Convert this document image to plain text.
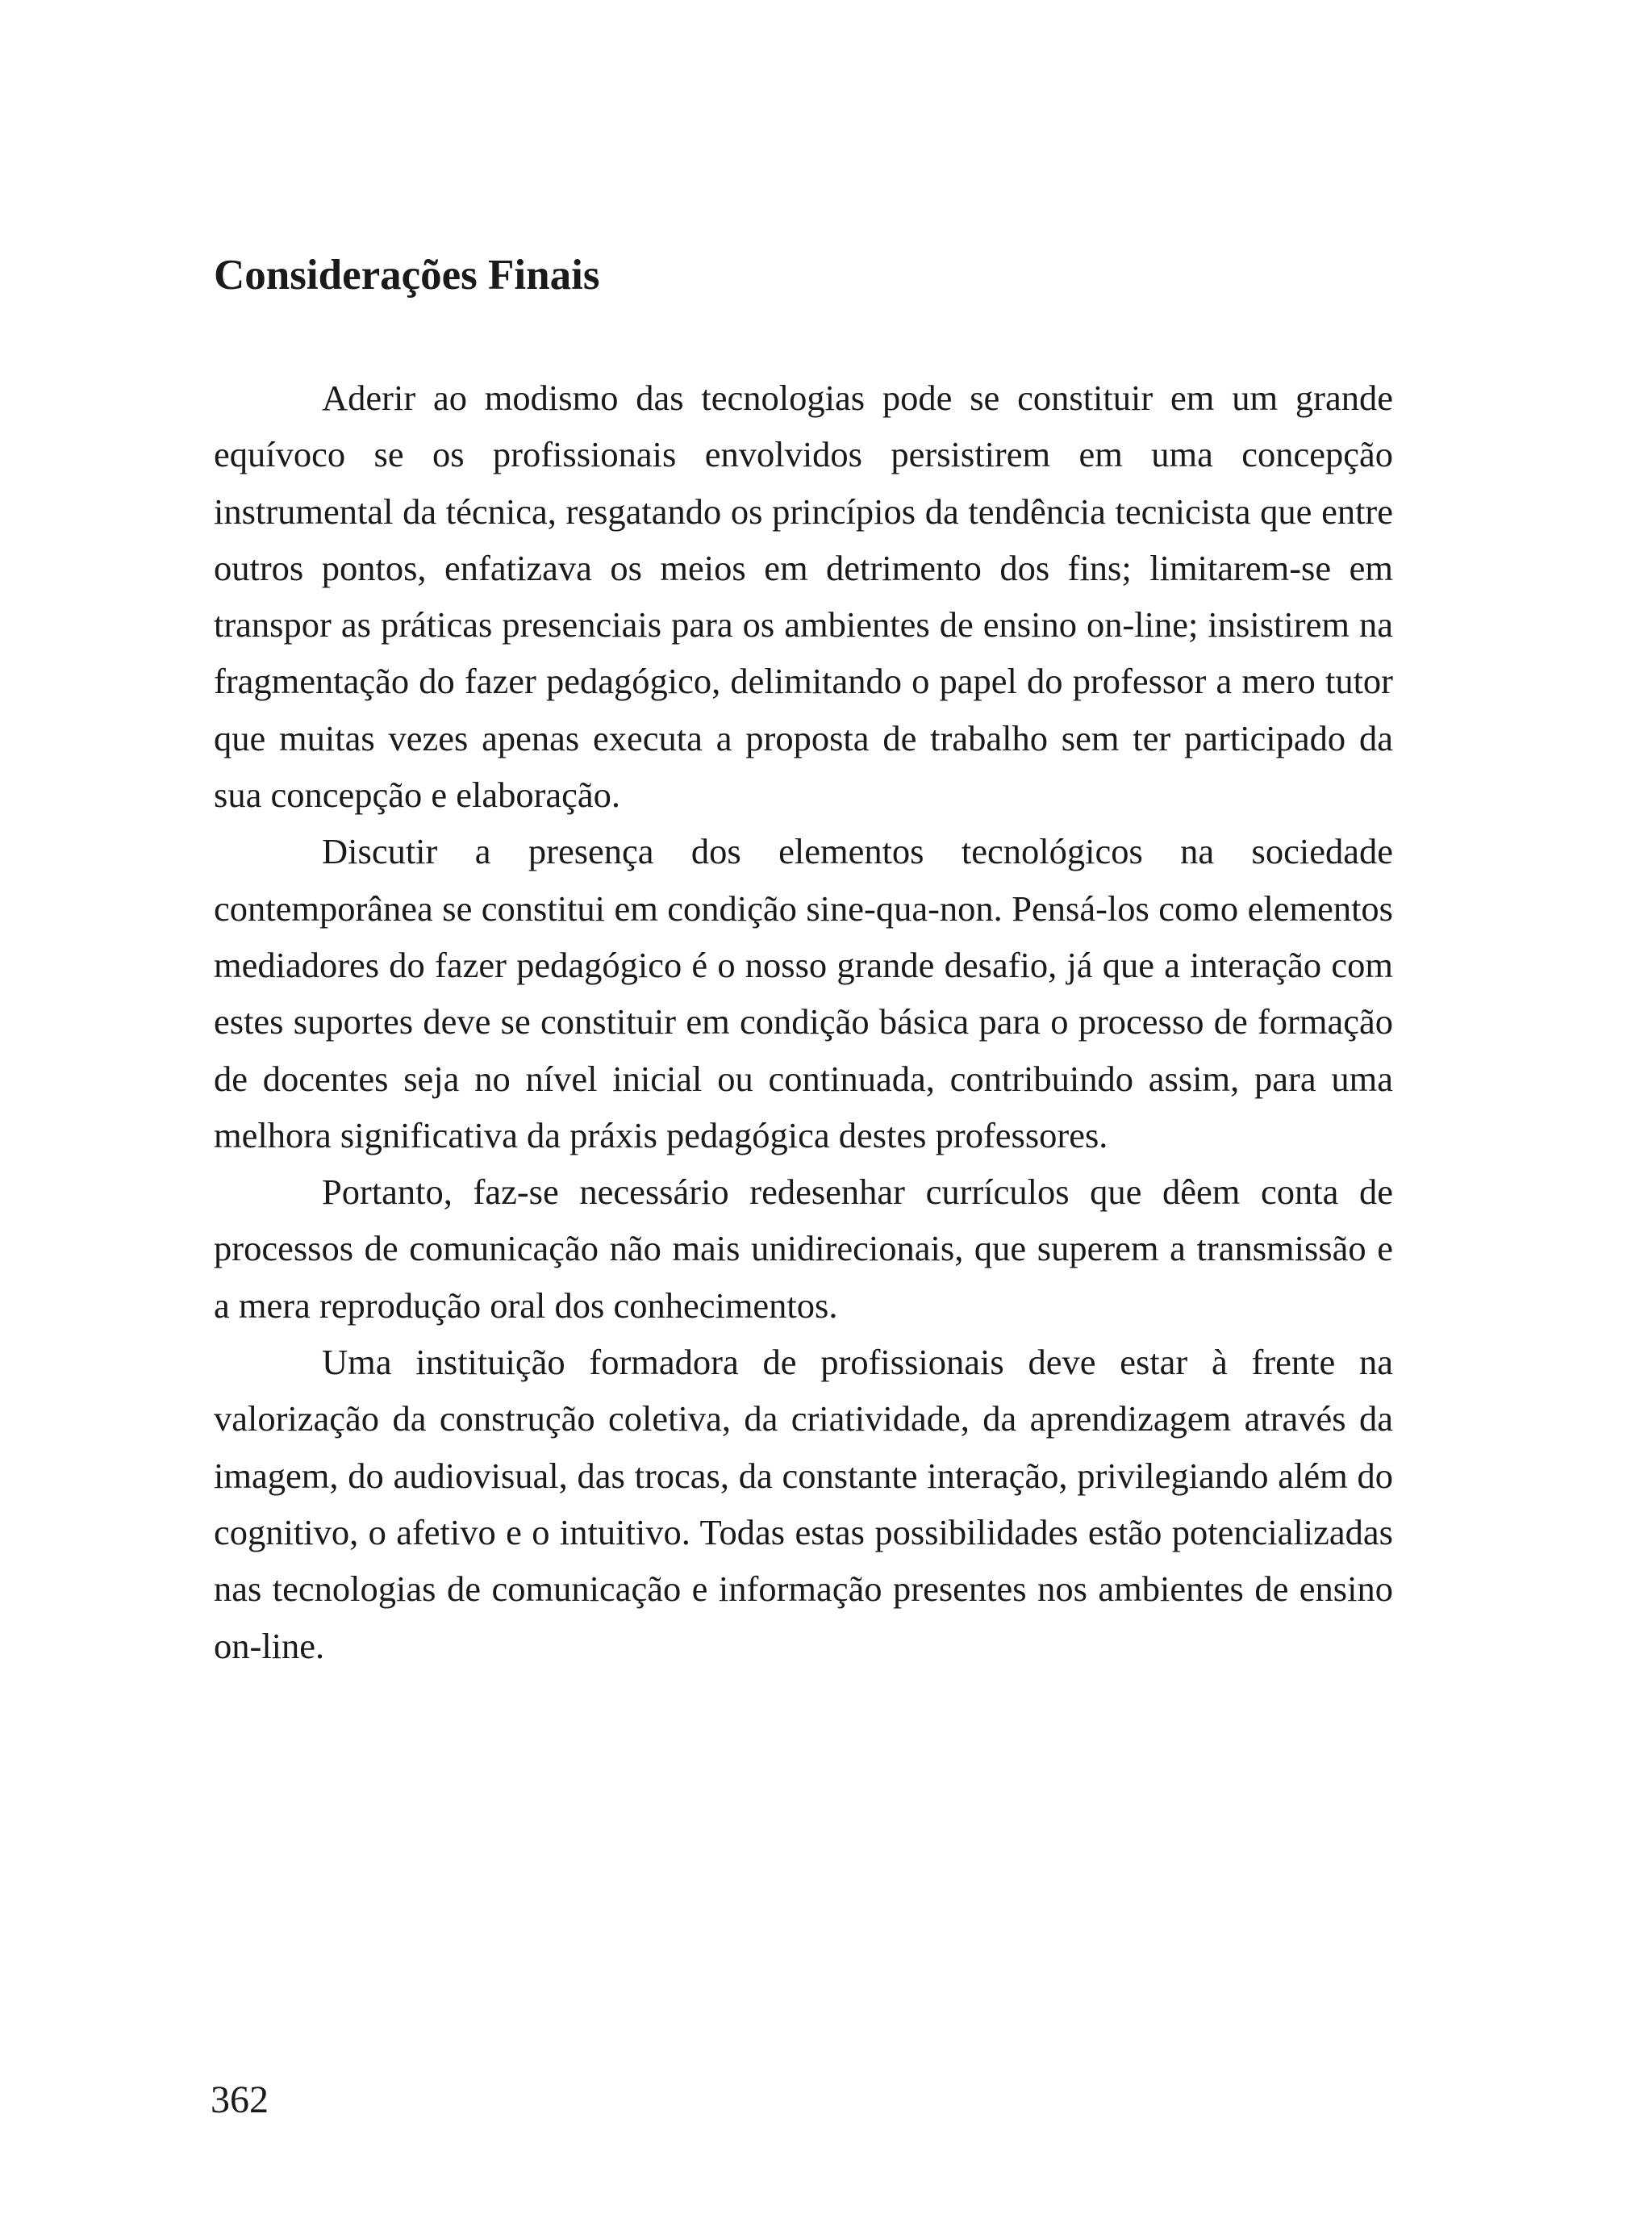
Considerações Finais

Aderir ao modismo das tecnologias pode se constituir em um grande equívoco se os profissionais envolvidos persistirem em uma concepção instrumental da técnica, resgatando os princípios da tendência tecnicista que entre outros pontos, enfatizava os meios em detrimento dos fins; limitarem-se em transpor as práticas presenciais para os ambientes de ensino on-line; insistirem na fragmentação do fazer pedagógico, delimitando o papel do professor a mero tutor que muitas vezes apenas executa a proposta de trabalho sem ter participado da sua concepção e elaboração.

Discutir a presença dos elementos tecnológicos na sociedade contemporânea se constitui em condição sine-qua-non. Pensá-los como elementos mediadores do fazer pedagógico é o nosso grande desafio, já que a interação com estes suportes deve se constituir em condição básica para o processo de formação de docentes seja no nível inicial ou continuada, contribuindo assim, para uma melhora significativa da práxis pedagógica destes professores.

Portanto, faz-se necessário redesenhar currículos que dêem conta de processos de comunicação não mais unidirecionais, que superem a transmissão e a mera reprodução oral dos conhecimentos.

Uma instituição formadora de profissionais deve estar à frente na valorização da construção coletiva, da criatividade, da aprendizagem através da imagem, do audiovisual, das trocas, da constante interação, privilegiando além do cognitivo, o afetivo e o intuitivo. Todas estas possibilidades estão potencializadas nas tecnologias de comunicação e informação presentes nos ambientes de ensino on-line.

362
